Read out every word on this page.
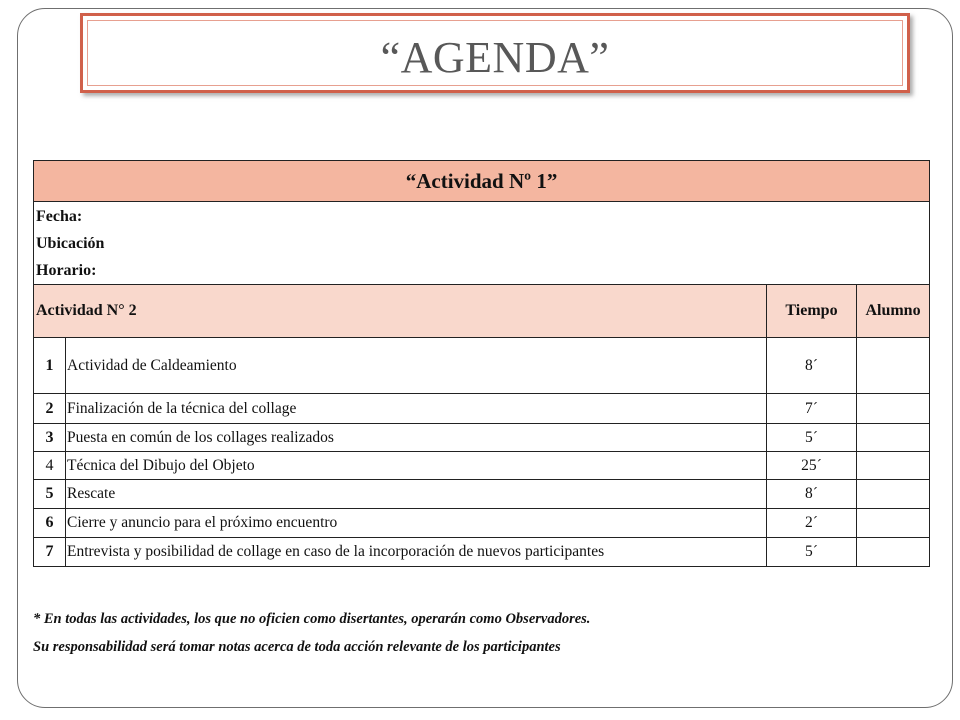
“AGENDA”
“Actividad Nº 1”			

Fecha:
Ubicación
Horario:			

Actividad N° 2		Tiempo	Alumno
1	Actividad de Caldeamiento	8´	
2	Finalización de la técnica del collage	7´	
3	Puesta en común de los collages realizados	5´	
4	Técnica del Dibujo del Objeto	25´	
5	Rescate	8´	
6	Cierre y anuncio para el próximo encuentro	2´	
7	Entrevista y posibilidad de collage en caso de la incorporación de nuevos participantes	5´	
* En todas las actividades, los que no oficien como disertantes, operarán como Observadores.
Su responsabilidad será tomar notas acerca de toda acción relevante de los participantes
